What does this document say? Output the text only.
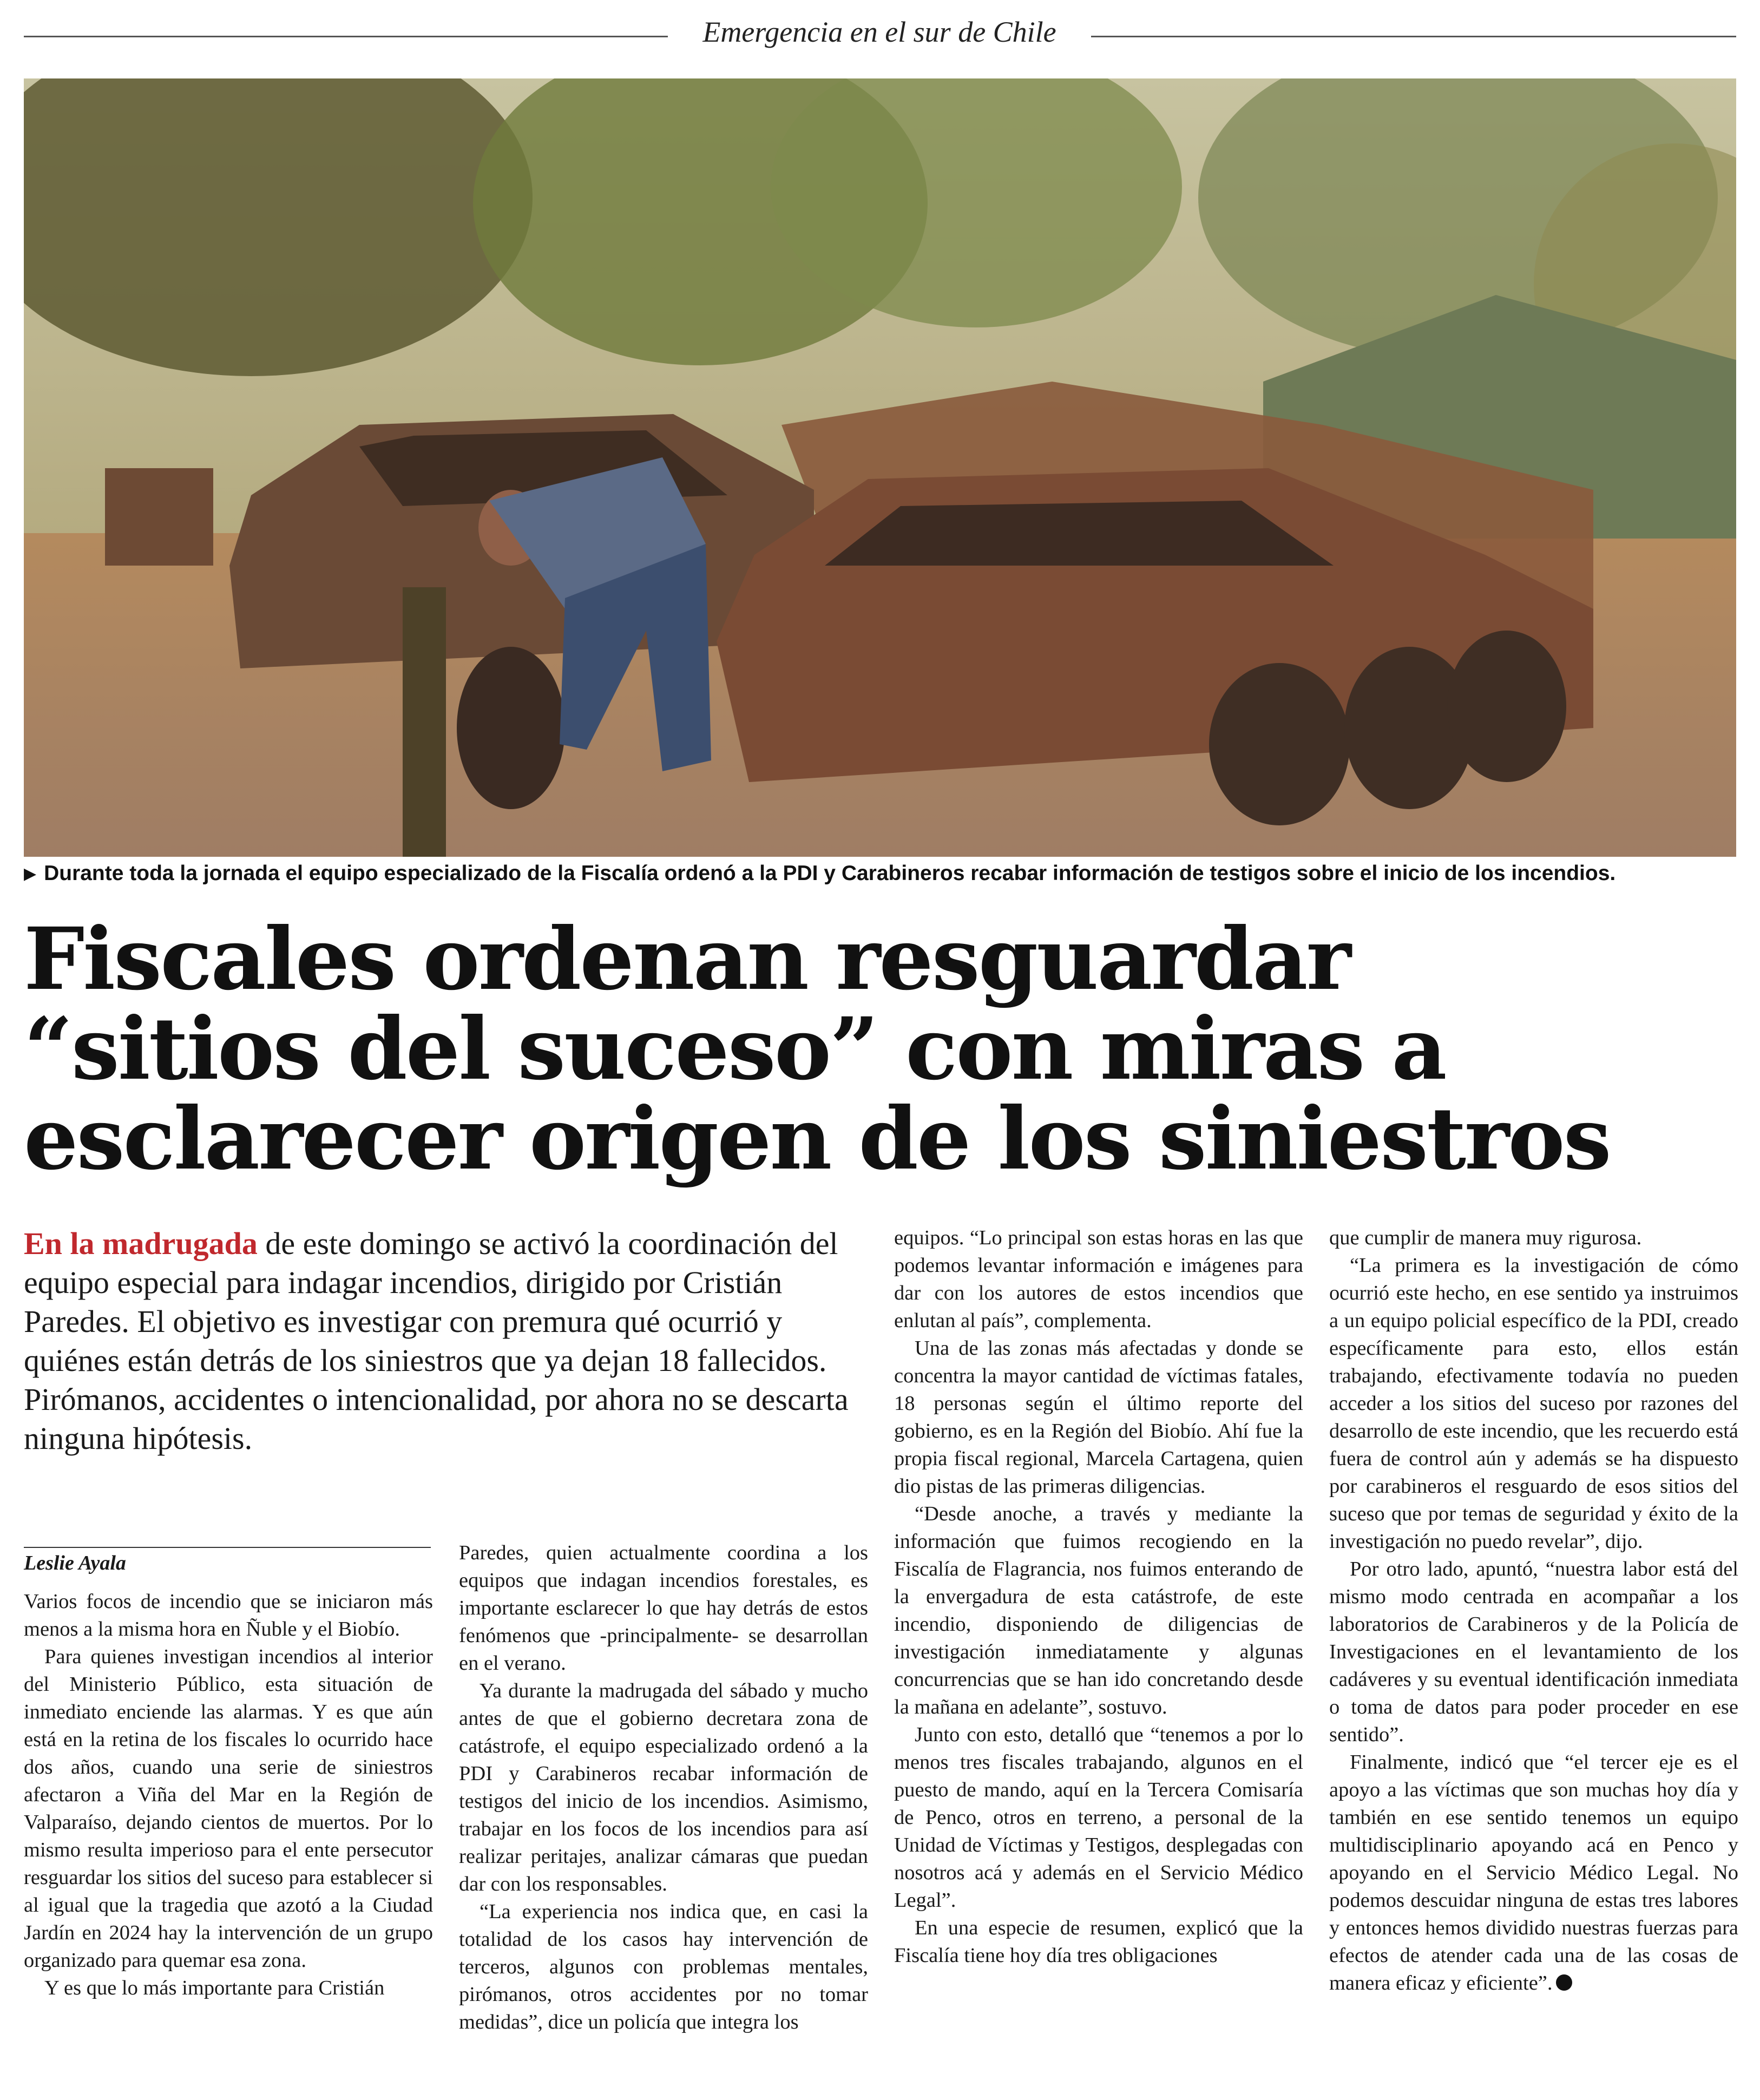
Emergencia en el sur de Chile
▶ Durante toda la jornada el equipo especializado de la Fiscalía ordenó a la PDI y Carabineros recabar información de testigos sobre el inicio de los incendios.
Fiscales ordenan resguardar
“sitios del suceso” con miras a
esclarecer origen de los siniestros
En la madrugada de este domingo se activó la coordinación del equipo especial para indagar incendios, dirigido por Cristián Paredes. El objetivo es investigar con premura qué ocurrió y quiénes están detrás de los siniestros que ya dejan 18 fallecidos. Pirómanos, accidentes o intencionalidad, por ahora no se descarta ninguna hipótesis.
Leslie Ayala

Varios focos de incendio que se iniciaron más menos a la misma hora en Ñuble y el Biobío.

Para quienes investigan incendios al interior del Ministerio Público, esta situación de inmediato enciende las alarmas. Y es que aún está en la retina de los fiscales lo ocurrido hace dos años, cuando una serie de siniestros afectaron a Viña del Mar en la Región de Valparaíso, dejando cientos de muertos. Por lo mismo resulta imperioso para el ente persecutor resguardar los sitios del suceso para establecer si al igual que la tragedia que azotó a la Ciudad Jardín en 2024 hay la intervención de un grupo organizado para quemar esa zona.

Y es que lo más importante para Cristián

Paredes, quien actualmente coordina a los equipos que indagan incendios forestales, es importante esclarecer lo que hay detrás de estos fenómenos que -principalmente- se desarrollan en el verano.

Ya durante la madrugada del sábado y mucho antes de que el gobierno decretara zona de catástrofe, el equipo especializado ordenó a la PDI y Carabineros recabar información de testigos del inicio de los incendios. Asimismo, trabajar en los focos de los incendios para así realizar peritajes, analizar cámaras que puedan dar con los responsables.

“La experiencia nos indica que, en casi la totalidad de los casos hay intervención de terceros, algunos con problemas mentales, pirómanos, otros accidentes por no tomar medidas”, dice un policía que integra los

equipos. “Lo principal son estas horas en las que podemos levantar información e imágenes para dar con los autores de estos incendios que enlutan al país”, complementa.

Una de las zonas más afectadas y donde se concentra la mayor cantidad de víctimas fatales, 18 personas según el último reporte del gobierno, es en la Región del Biobío. Ahí fue la propia fiscal regional, Marcela Cartagena, quien dio pistas de las primeras diligencias.

“Desde anoche, a través y mediante la información que fuimos recogiendo en la Fiscalía de Flagrancia, nos fuimos enterando de la envergadura de esta catástrofe, de este incendio, disponiendo de diligencias de investigación inmediatamente y algunas concurrencias que se han ido concretando desde la mañana en adelante”, sostuvo.

Junto con esto, detalló que “tenemos a por lo menos tres fiscales trabajando, algunos en el puesto de mando, aquí en la Tercera Comisaría de Penco, otros en terreno, a personal de la Unidad de Víctimas y Testigos, desplegadas con nosotros acá y además en el Servicio Médico Legal”.

En una especie de resumen, explicó que la Fiscalía tiene hoy día tres obligaciones

que cumplir de manera muy rigurosa.

“La primera es la investigación de cómo ocurrió este hecho, en ese sentido ya instruimos a un equipo policial específico de la PDI, creado específicamente para esto, ellos están trabajando, efectivamente todavía no pueden acceder a los sitios del suceso por razones del desarrollo de este incendio, que les recuerdo está fuera de control aún y además se ha dispuesto por carabineros el resguardo de esos sitios del suceso que por temas de seguridad y éxito de la investigación no puedo revelar”, dijo.

Por otro lado, apuntó, “nuestra labor está del mismo modo centrada en acompañar a los laboratorios de Carabineros y de la Policía de Investigaciones en el levantamiento de los cadáveres y su eventual identificación inmediata o toma de datos para poder proceder en ese sentido”.

Finalmente, indicó que “el tercer eje es el apoyo a las víctimas que son muchas hoy día y también en ese sentido tenemos un equipo multidisciplinario apoyando acá en Penco y apoyando en el Servicio Médico Legal. No podemos descuidar ninguna de estas tres labores y entonces hemos dividido nuestras fuerzas para efectos de atender cada una de las cosas de manera eficaz y eficiente”.
